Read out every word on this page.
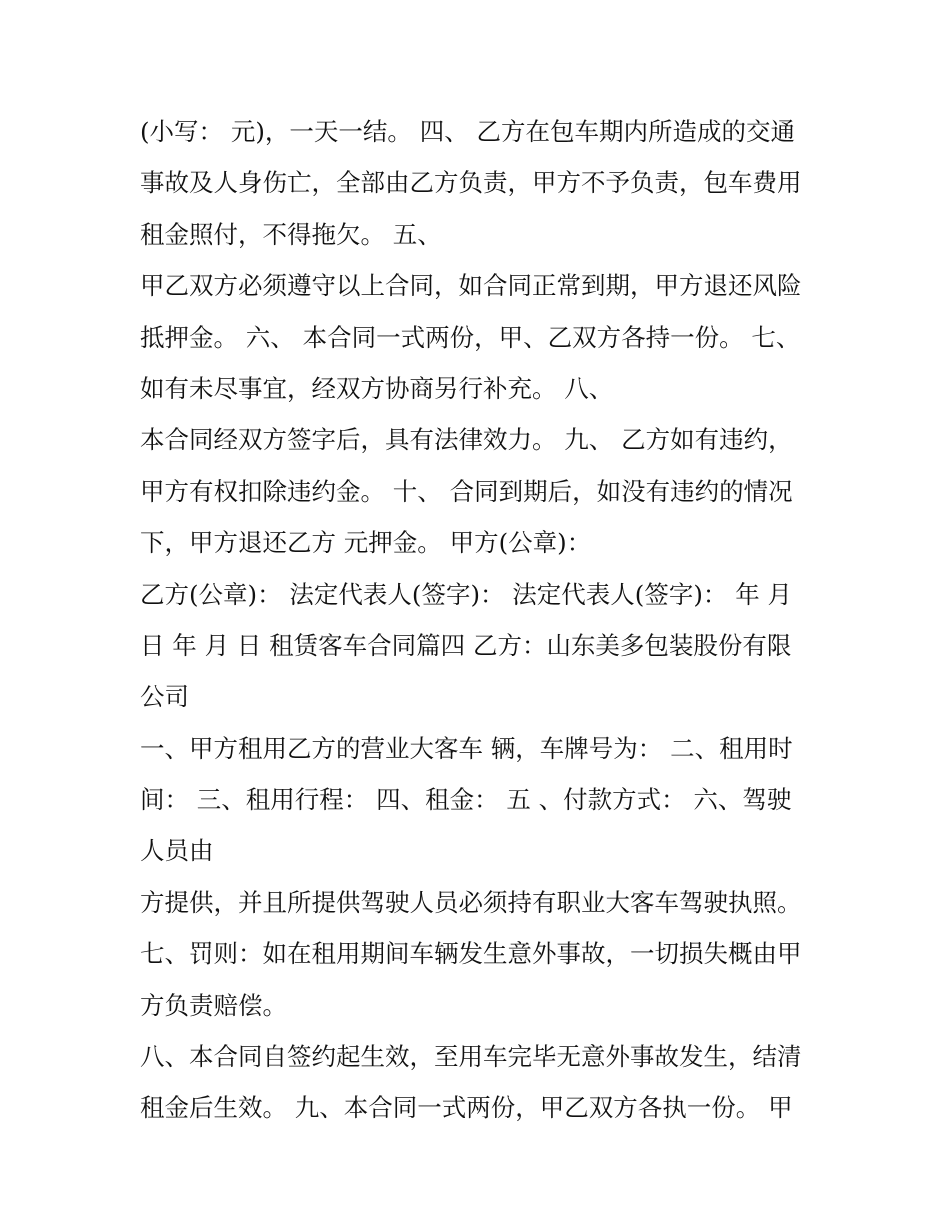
(小写： 元)，一天一结。 四、 乙方在包车期内所造成的交通
事故及人身伤亡，全部由乙方负责，甲方不予负责，包车费用
租金照付，不得拖欠。 五、
甲乙双方必须遵守以上合同，如合同正常到期，甲方退还风险
抵押金。 六、 本合同一式两份，甲、乙双方各持一份。 七、
如有未尽事宜，经双方协商另行补充。 八、
本合同经双方签字后，具有法律效力。 九、 乙方如有违约，
甲方有权扣除违约金。 十、 合同到期后，如没有违约的情况
下，甲方退还乙方 元押金。 甲方(公章)：
乙方(公章)： 法定代表人(签字)： 法定代表人(签字)： 年 月
日 年 月 日 租赁客车合同篇四 乙方：山东美多包装股份有限
公司
一、甲方租用乙方的营业大客车 辆，车牌号为： 二、租用时
间： 三、租用行程： 四、租金： 五 、付款方式： 六、驾驶
人员由
方提供，并且所提供驾驶人员必须持有职业大客车驾驶执照。
七、罚则：如在租用期间车辆发生意外事故，一切损失概由甲
方负责赔偿。
八、本合同自签约起生效，至用车完毕无意外事故发生，结清
租金后生效。 九、本合同一式两份，甲乙双方各执一份。 甲
